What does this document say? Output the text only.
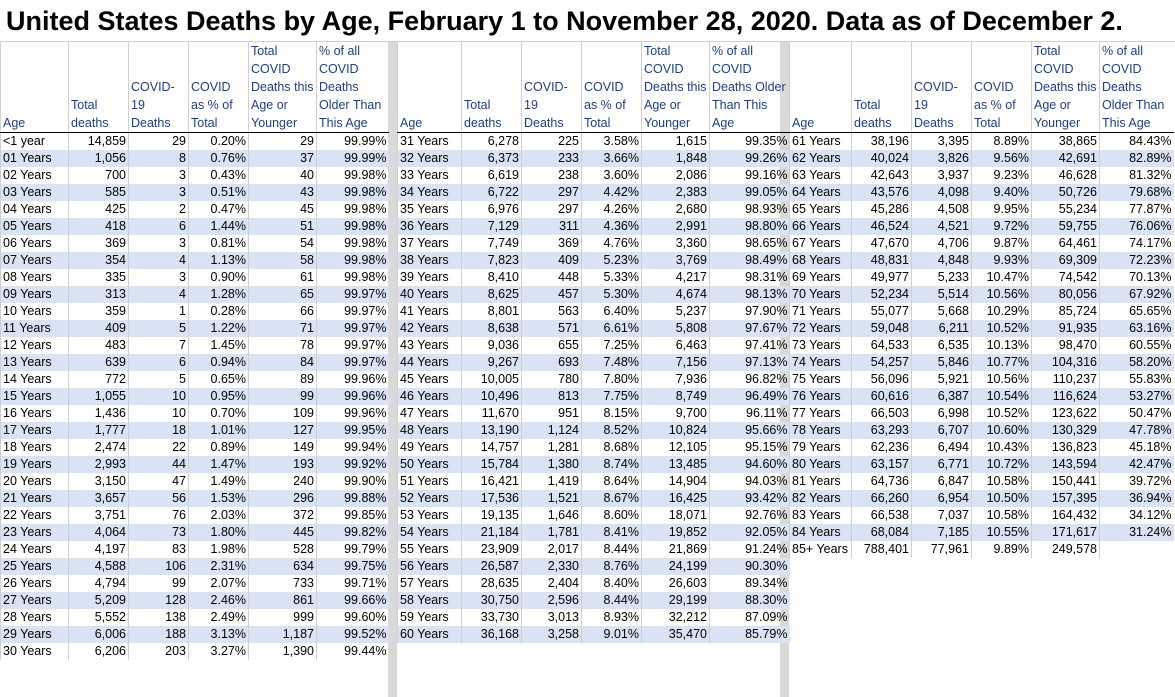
United States Deaths by Age, February 1 to November 28, 2020. Data as of December 2.
Age	Total deaths	COVID-19 Deaths	COVID as % of Total	Total COVID Deaths this Age or Younger	% of all COVID Deaths Older Than This Age
<1 year	14,859	29	0.20%	29	99.99%
01 Years	1,056	8	0.76%	37	99.99%
02 Years	700	3	0.43%	40	99.98%
03 Years	585	3	0.51%	43	99.98%
04 Years	425	2	0.47%	45	99.98%
05 Years	418	6	1.44%	51	99.98%
06 Years	369	3	0.81%	54	99.98%
07 Years	354	4	1.13%	58	99.98%
08 Years	335	3	0.90%	61	99.98%
09 Years	313	4	1.28%	65	99.97%
10 Years	359	1	0.28%	66	99.97%
11 Years	409	5	1.22%	71	99.97%
12 Years	483	7	1.45%	78	99.97%
13 Years	639	6	0.94%	84	99.97%
14 Years	772	5	0.65%	89	99.96%
15 Years	1,055	10	0.95%	99	99.96%
16 Years	1,436	10	0.70%	109	99.96%
17 Years	1,777	18	1.01%	127	99.95%
18 Years	2,474	22	0.89%	149	99.94%
19 Years	2,993	44	1.47%	193	99.92%
20 Years	3,150	47	1.49%	240	99.90%
21 Years	3,657	56	1.53%	296	99.88%
22 Years	3,751	76	2.03%	372	99.85%
23 Years	4,064	73	1.80%	445	99.82%
24 Years	4,197	83	1.98%	528	99.79%
25 Years	4,588	106	2.31%	634	99.75%
26 Years	4,794	99	2.07%	733	99.71%
27 Years	5,209	128	2.46%	861	99.66%
28 Years	5,552	138	2.49%	999	99.60%
29 Years	6,006	188	3.13%	1,187	99.52%
30 Years	6,206	203	3.27%	1,390	99.44%
Age	Total deaths	COVID-19 Deaths	COVID as % of Total	Total COVID Deaths this Age or Younger	% of all COVID Deaths Older Than This Age
31 Years	6,278	225	3.58%	1,615	99.35%
32 Years	6,373	233	3.66%	1,848	99.26%
33 Years	6,619	238	3.60%	2,086	99.16%
34 Years	6,722	297	4.42%	2,383	99.05%
35 Years	6,976	297	4.26%	2,680	98.93%
36 Years	7,129	311	4.36%	2,991	98.80%
37 Years	7,749	369	4.76%	3,360	98.65%
38 Years	7,823	409	5.23%	3,769	98.49%
39 Years	8,410	448	5.33%	4,217	98.31%
40 Years	8,625	457	5.30%	4,674	98.13%
41 Years	8,801	563	6.40%	5,237	97.90%
42 Years	8,638	571	6.61%	5,808	97.67%
43 Years	9,036	655	7.25%	6,463	97.41%
44 Years	9,267	693	7.48%	7,156	97.13%
45 Years	10,005	780	7.80%	7,936	96.82%
46 Years	10,496	813	7.75%	8,749	96.49%
47 Years	11,670	951	8.15%	9,700	96.11%
48 Years	13,190	1,124	8.52%	10,824	95.66%
49 Years	14,757	1,281	8.68%	12,105	95.15%
50 Years	15,784	1,380	8.74%	13,485	94.60%
51 Years	16,421	1,419	8.64%	14,904	94.03%
52 Years	17,536	1,521	8.67%	16,425	93.42%
53 Years	19,135	1,646	8.60%	18,071	92.76%
54 Years	21,184	1,781	8.41%	19,852	92.05%
55 Years	23,909	2,017	8.44%	21,869	91.24%
56 Years	26,587	2,330	8.76%	24,199	90.30%
57 Years	28,635	2,404	8.40%	26,603	89.34%
58 Years	30,750	2,596	8.44%	29,199	88.30%
59 Years	33,730	3,013	8.93%	32,212	87.09%
60 Years	36,168	3,258	9.01%	35,470	85.79%
Age	Total deaths	COVID-19 Deaths	COVID as % of Total	Total COVID Deaths this Age or Younger	% of all COVID Deaths Older Than This Age
61 Years	38,196	3,395	8.89%	38,865	84.43%
62 Years	40,024	3,826	9.56%	42,691	82.89%
63 Years	42,643	3,937	9.23%	46,628	81.32%
64 Years	43,576	4,098	9.40%	50,726	79.68%
65 Years	45,286	4,508	9.95%	55,234	77.87%
66 Years	46,524	4,521	9.72%	59,755	76.06%
67 Years	47,670	4,706	9.87%	64,461	74.17%
68 Years	48,831	4,848	9.93%	69,309	72.23%
69 Years	49,977	5,233	10.47%	74,542	70.13%
70 Years	52,234	5,514	10.56%	80,056	67.92%
71 Years	55,077	5,668	10.29%	85,724	65.65%
72 Years	59,048	6,211	10.52%	91,935	63.16%
73 Years	64,533	6,535	10.13%	98,470	60.55%
74 Years	54,257	5,846	10.77%	104,316	58.20%
75 Years	56,096	5,921	10.56%	110,237	55.83%
76 Years	60,616	6,387	10.54%	116,624	53.27%
77 Years	66,503	6,998	10.52%	123,622	50.47%
78 Years	63,293	6,707	10.60%	130,329	47.78%
79 Years	62,236	6,494	10.43%	136,823	45.18%
80 Years	63,157	6,771	10.72%	143,594	42.47%
81 Years	64,736	6,847	10.58%	150,441	39.72%
82 Years	66,260	6,954	10.50%	157,395	36.94%
83 Years	66,538	7,037	10.58%	164,432	34.12%
84 Years	68,084	7,185	10.55%	171,617	31.24%
85+ Years	788,401	77,961	9.89%	249,578	
